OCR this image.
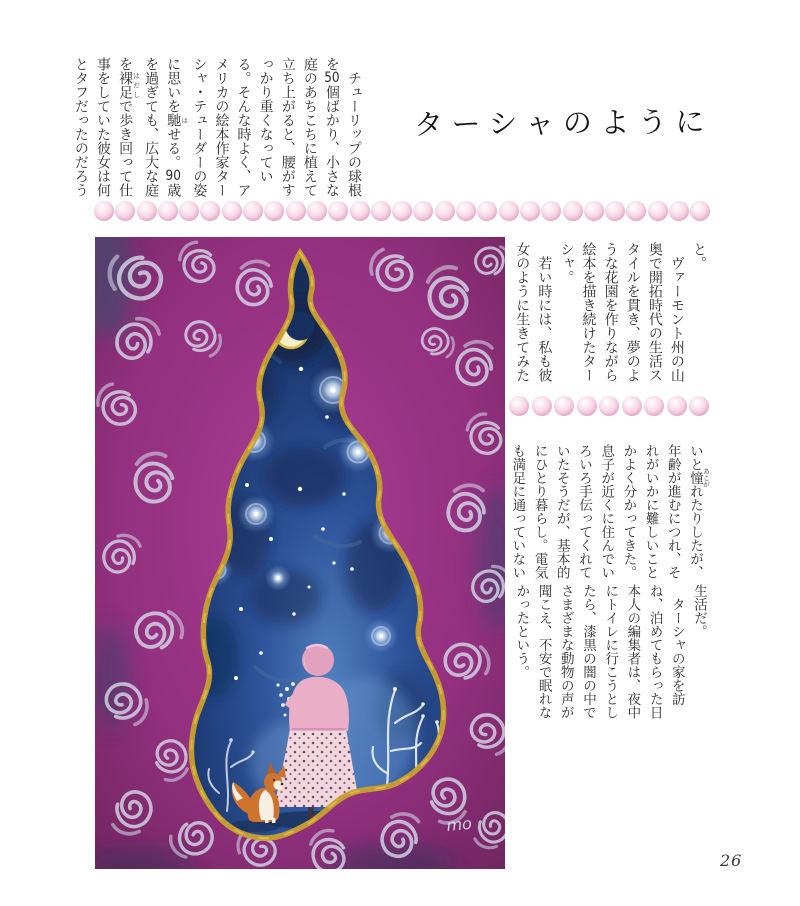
　チューリップの球根
を50個ばかり、小さな
庭のあちこちに植えて
立ち上がると、腰がす
っかり重くなってい
る。そんな時よく、ア
メリカの絵本作家ター
シャ・テューダーの姿
に思いを馳 はせる。90歳
を過ぎても、広大な庭
を裸足 はだしで歩き回って仕
事をしていた彼女は何
とタフだったのだろう	ターシャのように
と。
　ヴァーモント州の山
奥で開拓時代の生活ス
タイルを貫き、夢のよ
うな花園を作りながら
絵本を描き続けたター
シャ。
　若い時には、私も彼
女のように生きてみた
いと憧 あこがれたりしたが、
年齢が進むにつれ、そ
れがいかに難しいこと
かよく分かってきた。
息子が近くに住んでい
ろいろ手伝ってくれて
いたそうだが、基本的
にひとり暮らし。電気
も満足に通っていない
生活だ。
　ターシャの家を訪
ね、泊めてもらった日
本人の編集者は、夜中
にトイレに行こうとし
たら、漆黒の闇の中で
さまざまな動物の声が
聞こえ、不安で眠れな
かったという。
mo
26
